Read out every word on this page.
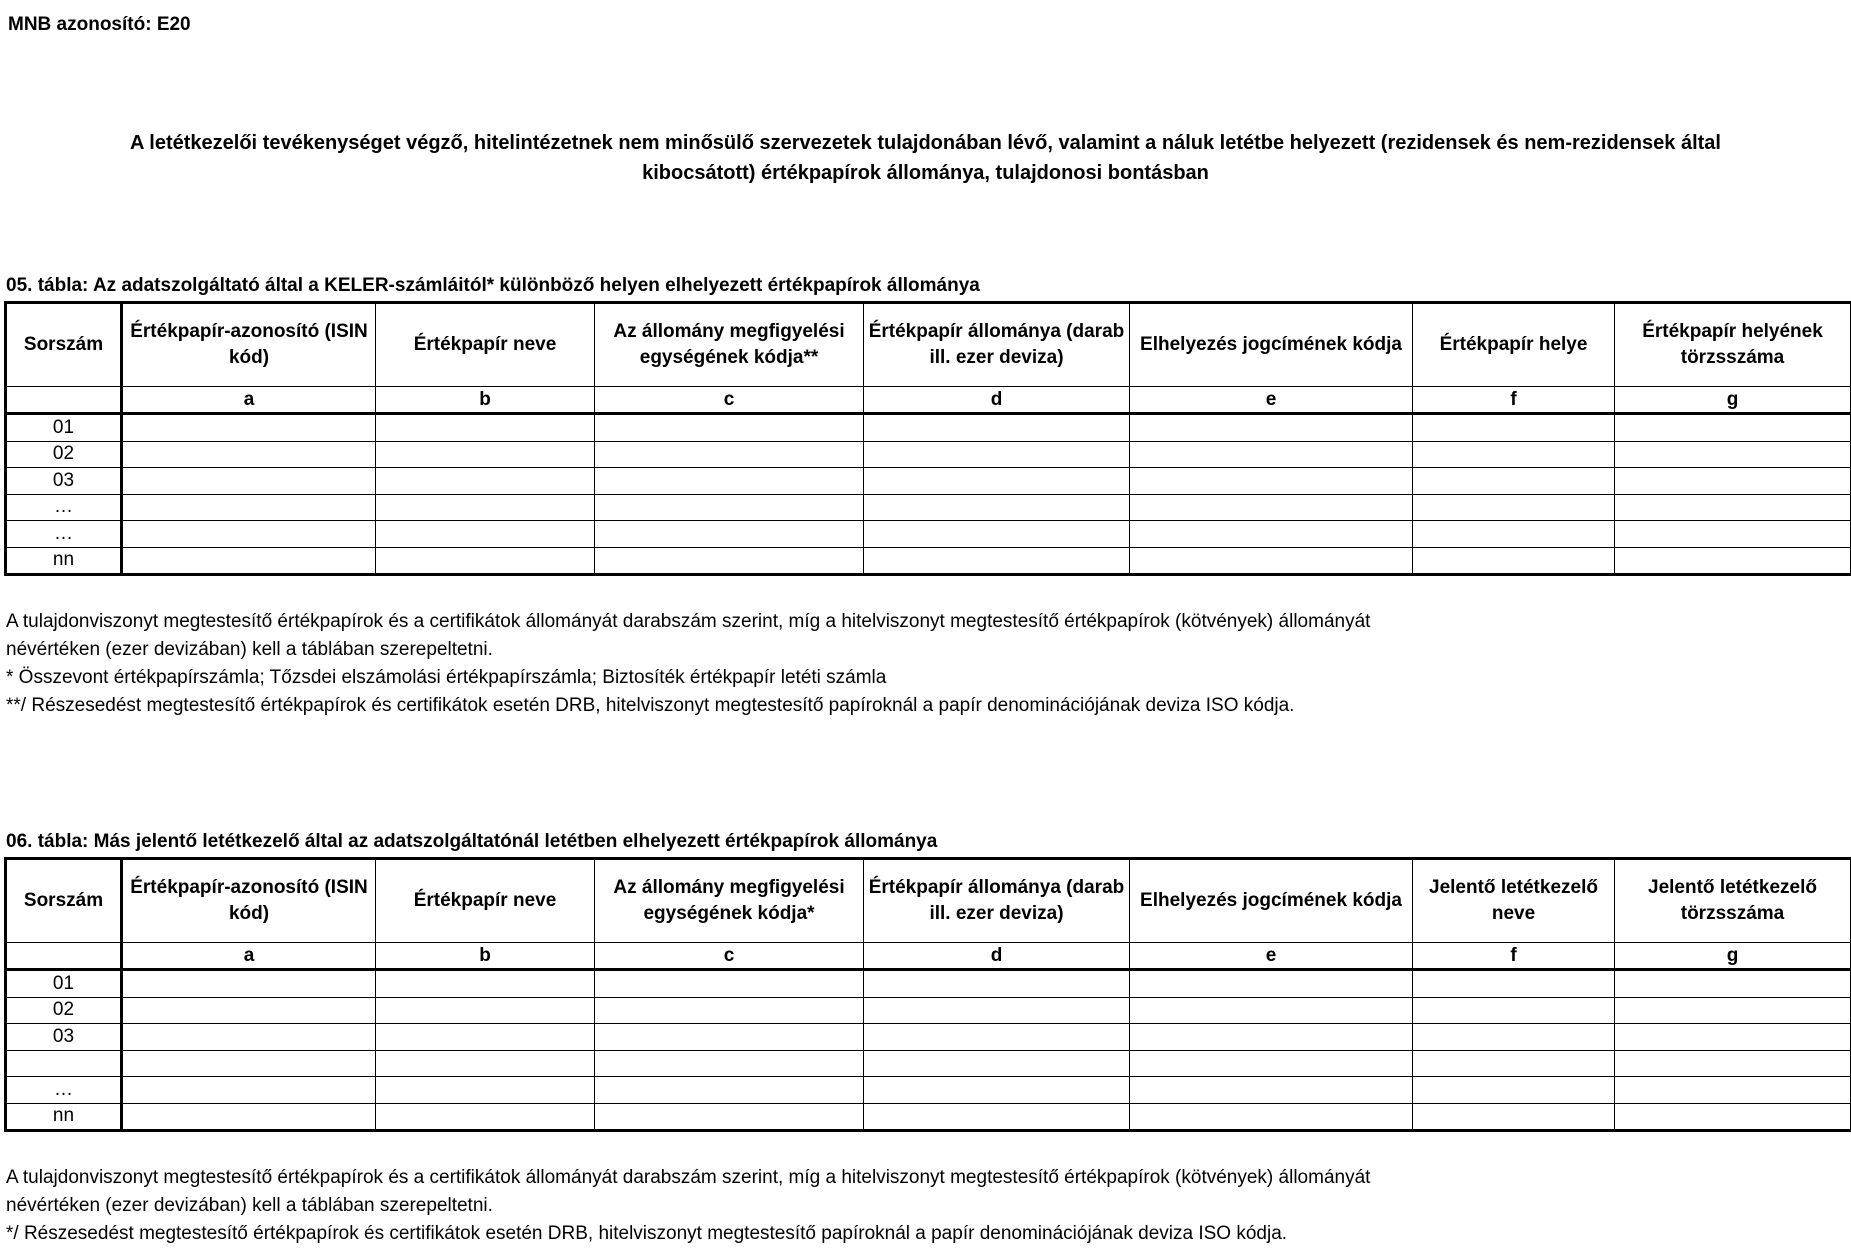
MNB azonosító: E20
A letétkezelői tevékenységet végző, hitelintézetnek nem minősülő szervezetek tulajdonában lévő, valamint a náluk letétbe helyezett (rezidensek és nem-rezidensek által
kibocsátott) értékpapírok állománya, tulajdonosi bontásban
05. tábla: Az adatszolgáltató által a KELER-számláitól* különböző helyen elhelyezett értékpapírok állománya
Sorszám	Értékpapír-azonosító (ISIN kód)	Értékpapír neve	Az állomány megfigyelési egységének kódja**	Értékpapír állománya (darab ill. ezer deviza)	Elhelyezés jogcímének kódja	Értékpapír helye	Értékpapír helyének törzsszáma
	a	b	c	d	e	f	g
01							
02							
03							
…							
…							
nn							
A tulajdonviszonyt megtestesítő értékpapírok és a certifikátok állományát darabszám szerint, míg a hitelviszonyt megtestesítő értékpapírok (kötvények) állományát
névértéken (ezer devizában) kell a táblában szerepeltetni.
* Összevont értékpapírszámla; Tőzsdei elszámolási értékpapírszámla; Biztosíték értékpapír letéti számla
**/ Részesedést megtestesítő értékpapírok és certifikátok esetén DRB, hitelviszonyt megtestesítő papíroknál a papír denominációjának deviza ISO kódja.
06. tábla: Más jelentő letétkezelő által az adatszolgáltatónál letétben elhelyezett értékpapírok állománya
Sorszám	Értékpapír-azonosító (ISIN kód)	Értékpapír neve	Az állomány megfigyelési egységének kódja*	Értékpapír állománya (darab ill. ezer deviza)	Elhelyezés jogcímének kódja	Jelentő letétkezelő neve	Jelentő letétkezelő törzsszáma
	a	b	c	d	e	f	g
01							
02							
03							

…							
nn							
A tulajdonviszonyt megtestesítő értékpapírok és a certifikátok állományát darabszám szerint, míg a hitelviszonyt megtestesítő értékpapírok (kötvények) állományát
névértéken (ezer devizában) kell a táblában szerepeltetni.
*/ Részesedést megtestesítő értékpapírok és certifikátok esetén DRB, hitelviszonyt megtestesítő papíroknál a papír denominációjának deviza ISO kódja.
